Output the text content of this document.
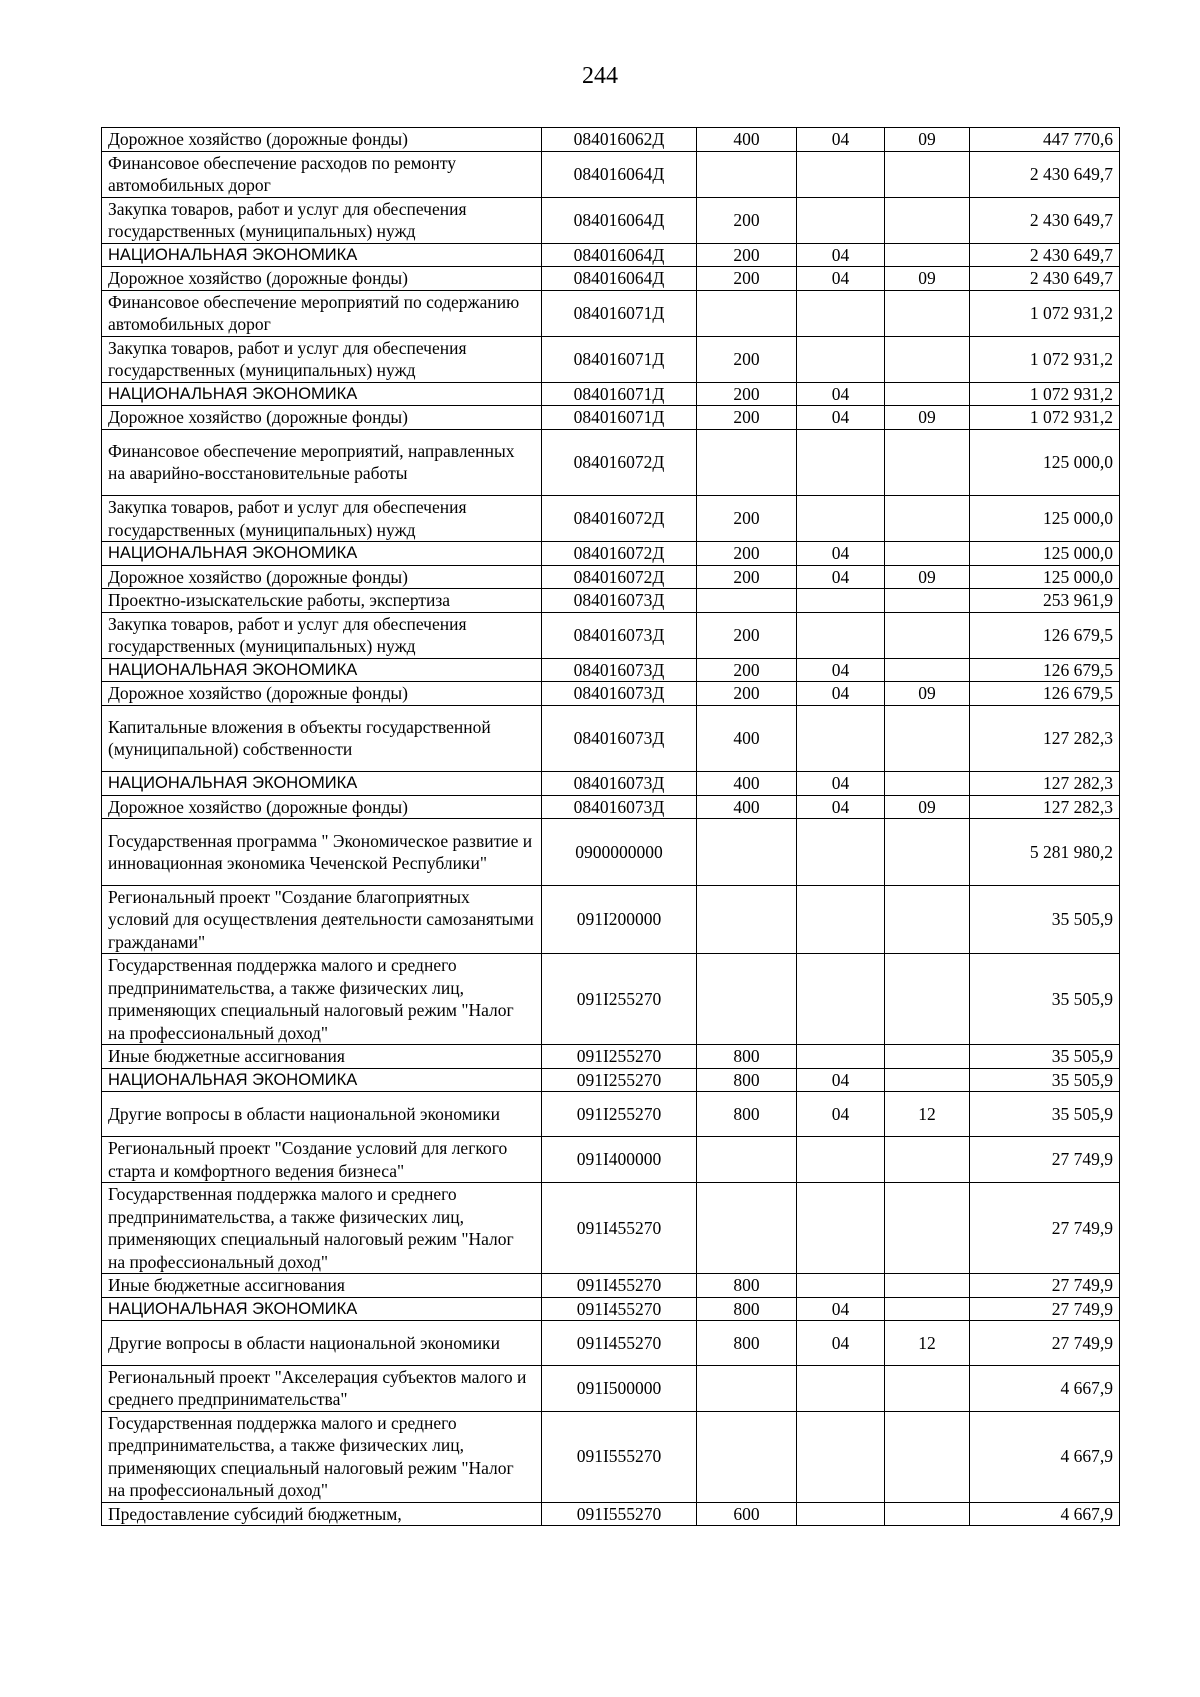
244
Дорожное хозяйство (дорожные фонды)	084016062Д	400	04	09	447 770,6
Финансовое обеспечение расходов по ремонту автомобильных дорог	084016064Д				2 430 649,7
Закупка товаров, работ и услуг для обеспечения государственных (муниципальных) нужд	084016064Д	200			2 430 649,7
НАЦИОНАЛЬНАЯ ЭКОНОМИКА	084016064Д	200	04		2 430 649,7
Дорожное хозяйство (дорожные фонды)	084016064Д	200	04	09	2 430 649,7
Финансовое обеспечение мероприятий по содержанию автомобильных дорог	084016071Д				1 072 931,2
Закупка товаров, работ и услуг для обеспечения государственных (муниципальных) нужд	084016071Д	200			1 072 931,2
НАЦИОНАЛЬНАЯ ЭКОНОМИКА	084016071Д	200	04		1 072 931,2
Дорожное хозяйство (дорожные фонды)	084016071Д	200	04	09	1 072 931,2
Финансовое обеспечение мероприятий, направленных на аварийно-восстановительные работы	084016072Д				125 000,0
Закупка товаров, работ и услуг для обеспечения государственных (муниципальных) нужд	084016072Д	200			125 000,0
НАЦИОНАЛЬНАЯ ЭКОНОМИКА	084016072Д	200	04		125 000,0
Дорожное хозяйство (дорожные фонды)	084016072Д	200	04	09	125 000,0
Проектно-изыскательские работы, экспертиза	084016073Д				253 961,9
Закупка товаров, работ и услуг для обеспечения государственных (муниципальных) нужд	084016073Д	200			126 679,5
НАЦИОНАЛЬНАЯ ЭКОНОМИКА	084016073Д	200	04		126 679,5
Дорожное хозяйство (дорожные фонды)	084016073Д	200	04	09	126 679,5
Капитальные вложения в объекты государственной (муниципальной) собственности	084016073Д	400			127 282,3
НАЦИОНАЛЬНАЯ ЭКОНОМИКА	084016073Д	400	04		127 282,3
Дорожное хозяйство (дорожные фонды)	084016073Д	400	04	09	127 282,3
Государственная программа " Экономическое развитие и инновационная экономика Чеченской Республики"	0900000000				5 281 980,2
Региональный проект "Создание благоприятных условий для осуществления деятельности самозанятыми гражданами"	091I200000				35 505,9
Государственная поддержка малого и среднего предпринимательства, а также физических лиц, применяющих специальный налоговый режим "Налог на профессиональный доход"	091I255270				35 505,9
Иные бюджетные ассигнования	091I255270	800			35 505,9
НАЦИОНАЛЬНАЯ ЭКОНОМИКА	091I255270	800	04		35 505,9
Другие вопросы в области национальной экономики	091I255270	800	04	12	35 505,9
Региональный проект "Создание условий для легкого старта и комфортного ведения бизнеса"	091I400000				27 749,9
Государственная поддержка малого и среднего предпринимательства, а также физических лиц, применяющих специальный налоговый режим "Налог на профессиональный доход"	091I455270				27 749,9
Иные бюджетные ассигнования	091I455270	800			27 749,9
НАЦИОНАЛЬНАЯ ЭКОНОМИКА	091I455270	800	04		27 749,9
Другие вопросы в области национальной экономики	091I455270	800	04	12	27 749,9
Региональный проект "Акселерация субъектов малого и среднего предпринимательства"	091I500000				4 667,9
Государственная поддержка малого и среднего предпринимательства, а также физических лиц, применяющих специальный налоговый режим "Налог на профессиональный доход"	091I555270				4 667,9
Предоставление субсидий бюджетным,	091I555270	600			4 667,9
